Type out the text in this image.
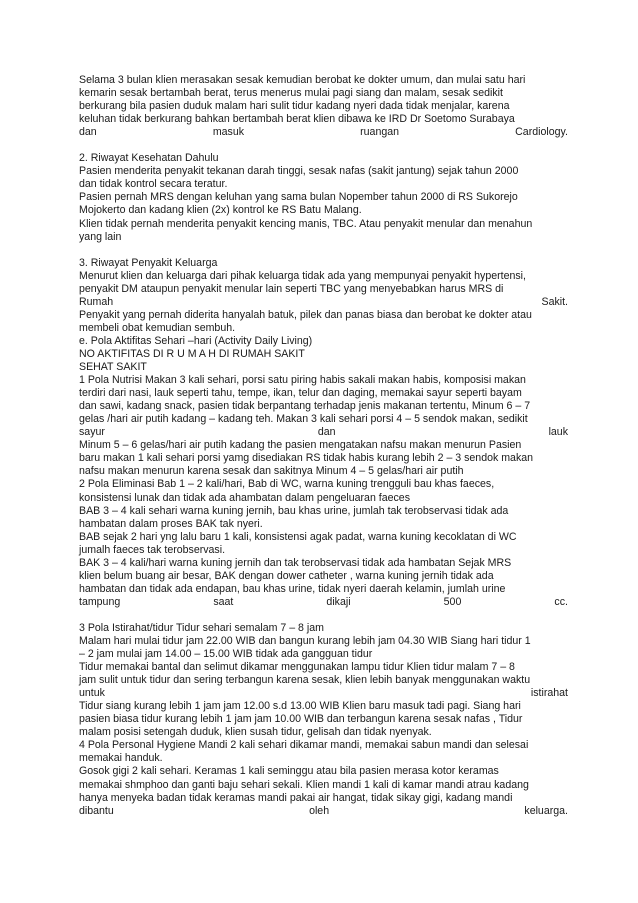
Selama 3 bulan klien merasakan sesak kemudian berobat ke dokter umum, dan mulai satu hari
kemarin sesak bertambah berat, terus menerus mulai pagi siang dan malam, sesak sedikit
berkurang bila pasien duduk malam hari sulit tidur kadang nyeri dada tidak menjalar, karena
keluhan tidak berkurang bahkan bertambah berat klien dibawa ke IRD Dr Soetomo Surabaya
dan	masuk	ruangan	Cardiology.
2. Riwayat Kesehatan Dahulu
Pasien menderita penyakit tekanan darah tinggi, sesak nafas (sakit jantung) sejak tahun 2000
dan tidak kontrol secara teratur.
Pasien pernah MRS dengan keluhan yang sama bulan Nopember tahun 2000 di RS Sukorejo
Mojokerto dan kadang klien (2x) kontrol ke RS Batu Malang.
Klien tidak pernah menderita penyakit kencing manis, TBC. Atau penyakit menular dan menahun
yang lain
3. Riwayat Penyakit Keluarga
Menurut klien dan keluarga dari pihak keluarga tidak ada yang mempunyai penyakit hypertensi,
penyakit DM ataupun penyakit menular lain seperti TBC yang menyebabkan harus MRS di
Rumah	Sakit.
Penyakit yang pernah diderita hanyalah batuk, pilek dan panas biasa dan berobat ke dokter atau
membeli obat kemudian sembuh.
e. Pola Aktifitas Sehari –hari (Activity Daily Living)
NO AKTIFITAS DI R U M A H DI RUMAH SAKIT
SEHAT SAKIT
1 Pola Nutrisi Makan 3 kali sehari, porsi satu piring habis sakali makan habis, komposisi makan
terdiri dari nasi, lauk seperti tahu, tempe, ikan, telur dan daging, memakai sayur seperti bayam
dan sawi, kadang snack, pasien tidak berpantang terhadap jenis makanan tertentu, Minum 6 – 7
gelas /hari air putih kadang – kadang teh. Makan 3 kali sehari porsi 4 – 5 sendok makan, sedikit
sayur	dan	lauk
Minum 5 – 6 gelas/hari air putih kadang the pasien mengatakan nafsu makan menurun Pasien
baru makan 1 kali sehari porsi yamg disediakan RS tidak habis kurang lebih 2 – 3 sendok makan
nafsu makan menurun karena sesak dan sakitnya Minum 4 – 5 gelas/hari air putih
2 Pola Eliminasi Bab 1 – 2 kali/hari, Bab di WC, warna kuning trengguli bau khas faeces,
konsistensi lunak dan tidak ada ahambatan dalam pengeluaran faeces
BAB 3 – 4 kali sehari warna kuning jernih, bau khas urine, jumlah tak terobservasi tidak ada
hambatan dalam proses BAK tak nyeri.
BAB sejak 2 hari yng lalu baru 1 kali, konsistensi agak padat, warna kuning kecoklatan di WC
jumalh faeces tak terobservasi.
BAK 3 – 4 kali/hari warna kuning jernih dan tak terobservasi tidak ada hambatan Sejak MRS
klien belum buang air besar, BAK dengan dower catheter , warna kuning jernih tidak ada
hambatan dan tidak ada endapan, bau khas urine, tidak nyeri daerah kelamin, jumlah urine
tampung	saat	dikaji	500	cc.
3 Pola Istirahat/tidur Tidur sehari semalam 7 – 8 jam
Malam hari mulai tidur jam 22.00 WIB dan bangun kurang lebih jam 04.30 WIB Siang hari tidur 1
– 2 jam mulai jam 14.00 – 15.00 WIB tidak ada gangguan tidur
Tidur memakai bantal dan selimut dikamar menggunakan lampu tidur Klien tidur malam 7 – 8
jam sulit untuk tidur dan sering terbangun karena sesak, klien lebih banyak menggunakan waktu
untuk	istirahat
Tidur siang kurang lebih 1 jam jam 12.00 s.d 13.00 WIB Klien baru masuk tadi pagi. Siang hari
pasien biasa tidur kurang lebih 1 jam jam 10.00 WIB dan terbangun karena sesak nafas , Tidur
malam posisi setengah duduk, klien susah tidur, gelisah dan tidak nyenyak.
4 Pola Personal Hygiene Mandi 2 kali sehari dikamar mandi, memakai sabun mandi dan selesai
memakai handuk.
Gosok gigi 2 kali sehari. Keramas 1 kali seminggu atau bila pasien merasa kotor keramas
memakai shmphoo dan ganti baju sehari sekali. Klien mandi 1 kali di kamar mandi atrau kadang
hanya menyeka badan tidak keramas mandi pakai air hangat, tidak sikay gigi, kadang mandi
dibantu	oleh	keluarga.
